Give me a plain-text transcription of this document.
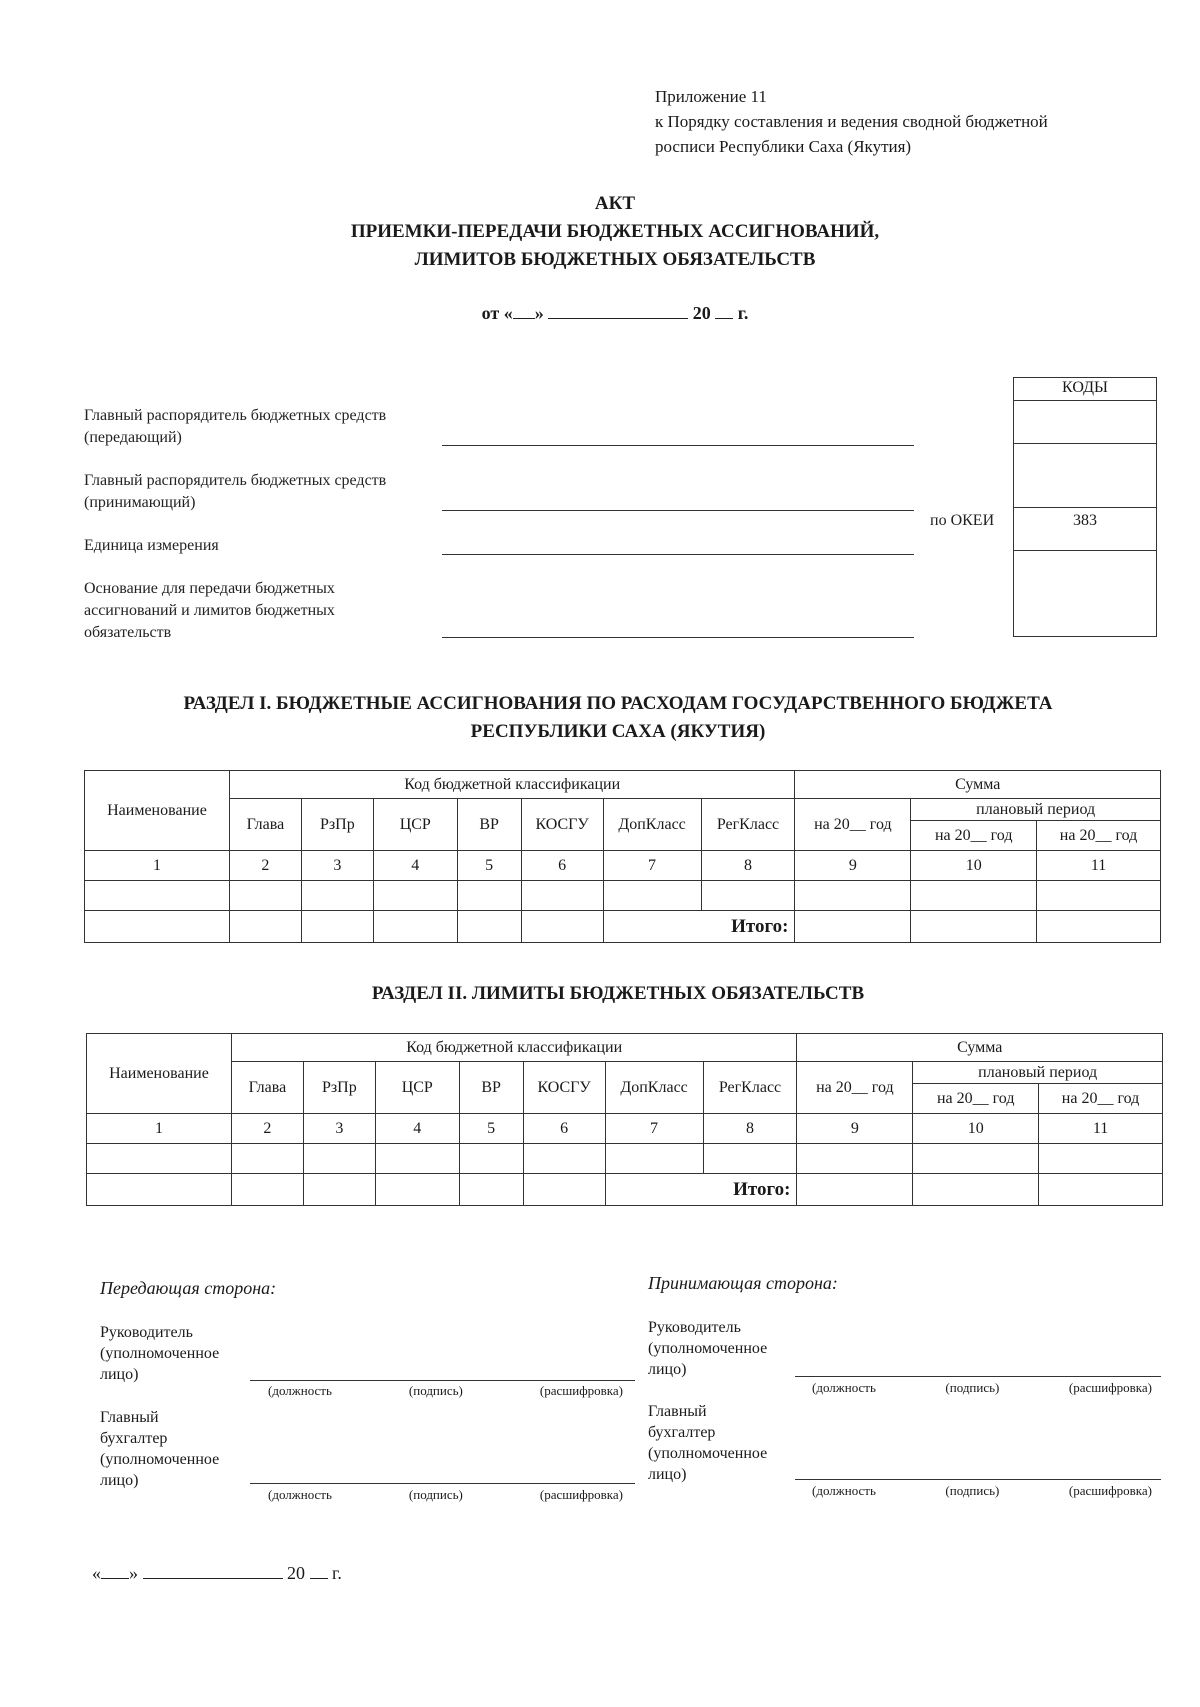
Приложение 11
к Порядку составления и ведения сводной бюджетной
росписи Республики Саха (Якутия)
АКТ
ПРИЕМКИ-ПЕРЕДАЧИ БЮДЖЕТНЫХ АССИГНОВАНИЙ,
ЛИМИТОВ БЮДЖЕТНЫХ ОБЯЗАТЕЛЬСТВ
от « »	20 г.
Главный распорядитель бюджетных средств
(передающий)
Главный распорядитель бюджетных средств
(принимающий)
Единица измерения
по ОКЕИ
Основание для передачи бюджетных
ассигнований и лимитов бюджетных
обязательств
КОДЫ

383

РАЗДЕЛ I. БЮДЖЕТНЫЕ АССИГНОВАНИЯ ПО РАСХОДАМ ГОСУДАРСТВЕННОГО БЮДЖЕТА
РЕСПУБЛИКИ САХА (ЯКУТИЯ)
Наименование	Код бюджетной классификации							Сумма		
	Глава	РзПр	ЦСР	ВР	КОСГУ	ДопКласс	РегКласс	на 20__ год	плановый период	
									на 20__ год	на 20__ год
1	2	3	4	5	6	7	8	9	10	11

						Итого:				
РАЗДЕЛ II. ЛИМИТЫ БЮДЖЕТНЫХ ОБЯЗАТЕЛЬСТВ
Наименование	Код бюджетной классификации							Сумма		
	Глава	РзПр	ЦСР	ВР	КОСГУ	ДопКласс	РегКласс	на 20__ год	плановый период	
									на 20__ год	на 20__ год
1	2	3	4	5	6	7	8	9	10	11

						Итого:				
Передающая сторона:
Руководитель
(уполномоченное
лицо)
(должность	(подпись)	(расшифровка)
Главный
бухгалтер
(уполномоченное
лицо)
(должность	(подпись)	(расшифровка)
Принимающая сторона:
Руководитель
(уполномоченное
лицо)
(должность	(подпись)	(расшифровка)
Главный
бухгалтер
(уполномоченное
лицо)
(должность	(подпись)	(расшифровка)
« »	20 г.
